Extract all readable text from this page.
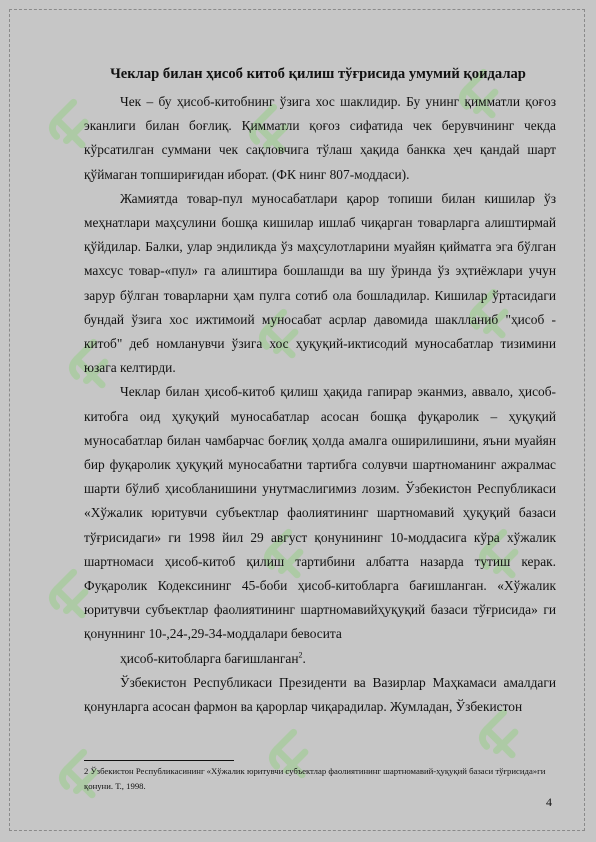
Чеклар билан ҳисоб китоб қилиш тўғрисида умумий қоидалар

Чек – бу ҳисоб-китобнинг ўзига хос шаклидир. Бу унинг қимматли қоғоз эканлиги билан боғлиқ. Қимматли қоғоз сифатида чек берувчининг чекда кўрсатилган суммани чек сақловчига тўлаш ҳақида банкка ҳеч қандай шарт қўймаган топшириғидан иборат. (ФК нинг 807-моддаси).

Жамиятда товар-пул муносабатлари қарор топиши билан кишилар ўз меҳнатлари маҳсулини бошқа кишилар ишлаб чиқарган товарларга алиштирмай қўйдилар. Балки, улар эндиликда ўз маҳсулотларини муайян қийматга эга бўлган махсус товар-«пул» га алиштира бошлашди ва шу ўринда ўз эҳтиёжлари учун зарур бўлган товарларни ҳам пулга сотиб ола бошладилар. Кишилар ўртасидаги бундай ўзига хос ижтимоий муносабат асрлар давомида шаклланиб "ҳисоб - китоб" деб номланувчи ўзига хос ҳуқуқий-иктисодий муносабатлар тизимини юзага келтирди.

Чеклар билан ҳисоб-китоб қилиш ҳақида гапирар эканмиз, аввало, ҳисоб-китобга оид ҳуқуқий муносабатлар асосан бошқа фуқаролик – ҳуқуқий муносабатлар билан чамбарчас боғлиқ ҳолда амалга оширилишини, яъни муайян бир фуқаролик ҳуқуқий муносабатни тартибга солувчи шартноманинг ажралмас шарти бўлиб ҳисобланишини унутмаслигимиз лозим. Ўзбекистон Республикаси «Хўжалик юритувчи субъектлар фаолиятининг шартномавий ҳуқуқий базаси тўғрисидаги» ги 1998 йил 29 август қонунининг 10-моддасига кўра хўжалик шартномаси ҳисоб-китоб қилиш тартибини албатта назарда тутиш керак. Фуқаролик Кодексининг 45-боби ҳисоб-китобларга бағишланган. «Хўжалик юритувчи субъектлар фаолиятининг шартномавийҳуқуқий базаси тўғрисида» ги қонуннинг 10-,24-,29-34-моддалари бевосита

ҳисоб-китобларга бағишланган$^2$.

Ўзбекистон Республикаси Президенти ва Вазирлар Маҳкамаси амалдаги қонунларга асосан фармон ва қарорлар чиқарадилар. Жумладан, Ўзбекистон

2 Ўзбекистон Республикасининг «Хўжалик юритувчи субъектлар фаолиятининг шартномавий-ҳуқуқий базаси тўғрисида»ги қонуни. Т., 1998.
4
